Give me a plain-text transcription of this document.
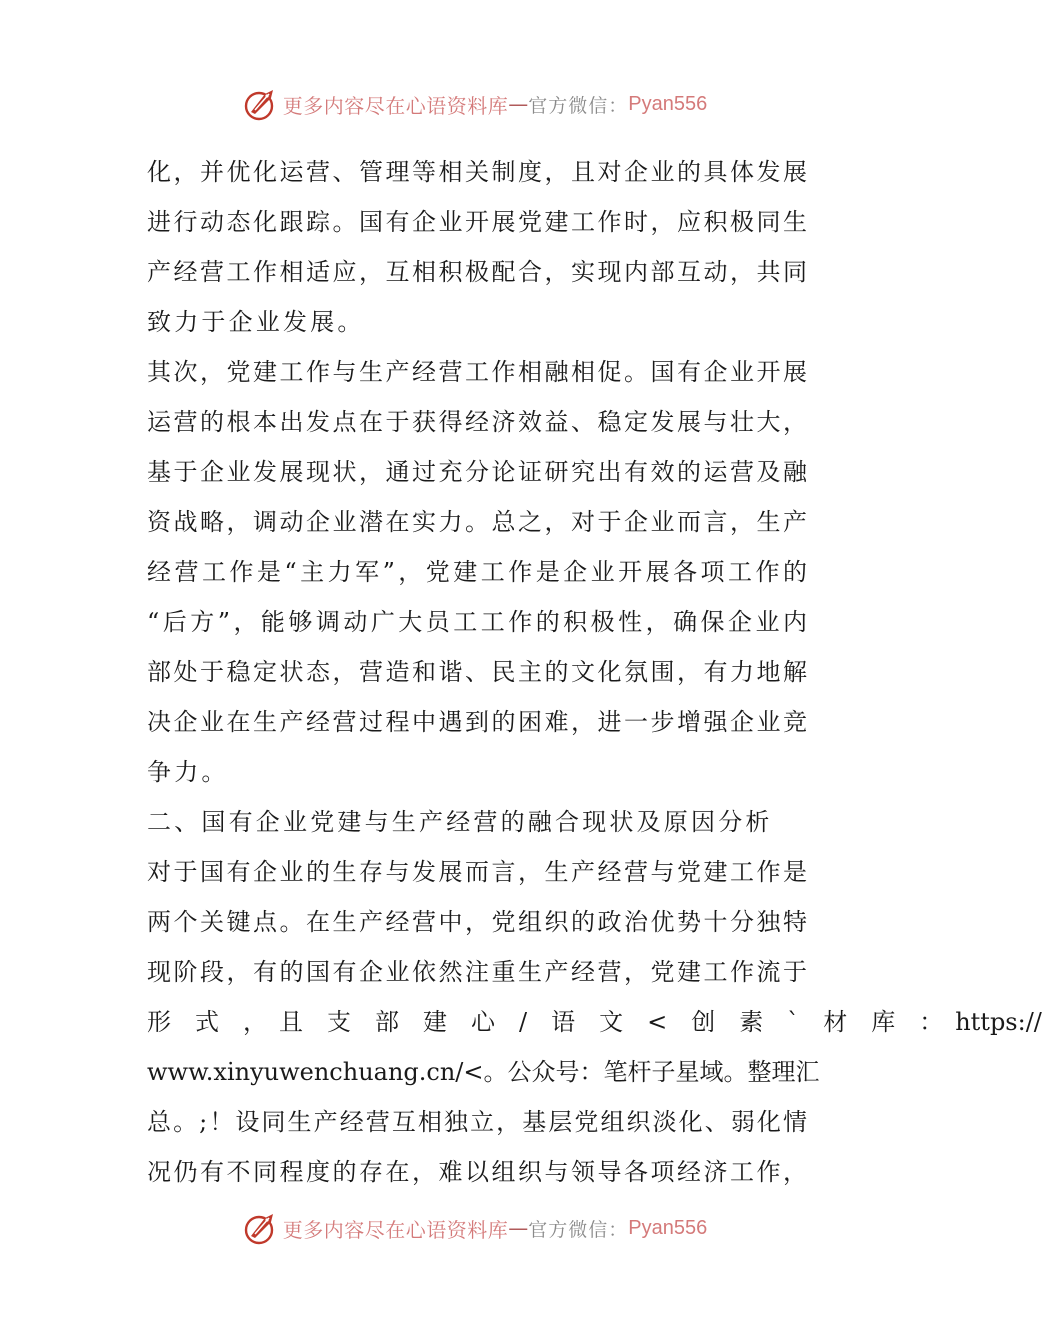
更多内容尽在心语资料库 — 官方微信： Pyan556
化，并优化运营、管理等相关制度，且对企业的具体发展
进行动态化跟踪。国有企业开展党建工作时，应积极同生
产经营工作相适应，互相积极配合，实现内部互动，共同
致力于企业发展。
其次，党建工作与生产经营工作相融相促。国有企业开展
运营的根本出发点在于获得经济效益、稳定发展与壮大，
基于企业发展现状，通过充分论证研究出有效的运营及融
资战略，调动企业潜在实力。总之，对于企业而言，生产
经营工作是“主力军”，党建工作是企业开展各项工作的
“后方”，能够调动广大员工工作的积极性，确保企业内
部处于稳定状态，营造和谐、民主的文化氛围，有力地解
决企业在生产经营过程中遇到的困难，进一步增强企业竞
争力。
二、国有企业党建与生产经营的融合现状及原因分析
对于国有企业的生存与发展而言，生产经营与党建工作是
两个关键点。在生产经营中，党组织的政治优势十分独特
现阶段，有的国有企业依然注重生产经营，党建工作流于
形　式　，　且　支　部　建　心　/　语　文　<　创　素　`　材　库　：　https://
www.xinyuwenchuang.cn/<。公众号：笔杆子星域。整理汇
总。;！设同生产经营互相独立，基层党组织淡化、弱化情
况仍有不同程度的存在，难以组织与领导各项经济工作，
更多内容尽在心语资料库 — 官方微信： Pyan556
